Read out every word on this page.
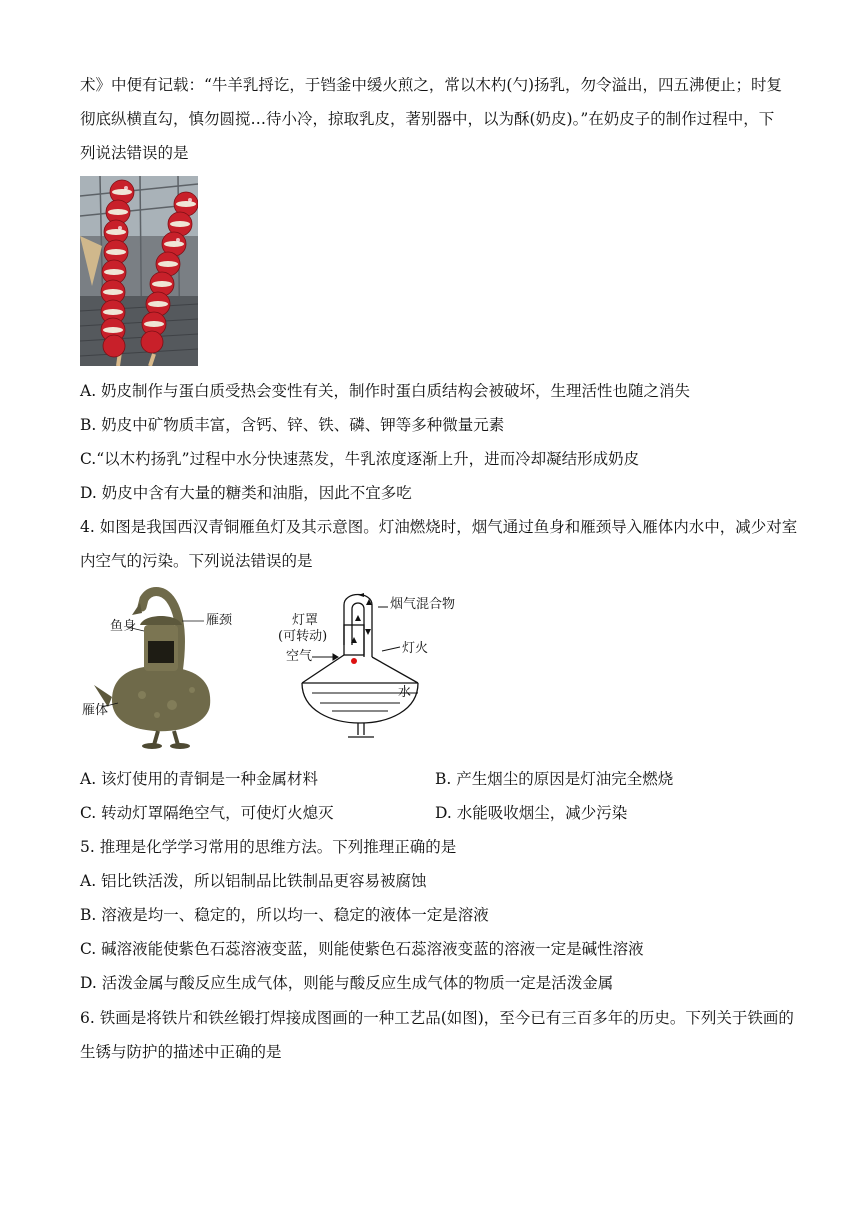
术》中便有记载：“牛羊乳捋讫，于铛釜中缓火煎之，常以木杓(勺)扬乳，勿令溢出，四五沸便止；时复
彻底纵横直勾，慎勿圆搅…待小冷，掠取乳皮，著别器中，以为酥(奶皮)。”在奶皮子的制作过程中，下
列说法错误的是
A. 奶皮制作与蛋白质受热会变性有关，制作时蛋白质结构会被破坏，生理活性也随之消失
B. 奶皮中矿物质丰富，含钙、锌、铁、磷、钾等多种微量元素
C.“以木杓扬乳”过程中水分快速蒸发，牛乳浓度逐渐上升，进而冷却凝结形成奶皮
D. 奶皮中含有大量的糖类和油脂，因此不宜多吃
4. 如图是我国西汉青铜雁鱼灯及其示意图。灯油燃烧时，烟气通过鱼身和雁颈导入雁体内水中，减少对室
内空气的污染。下列说法错误的是
鱼身	雁颈
雁体
烟气混合物
灯罩
(可转动)
空气
灯火
水
A. 该灯使用的青铜是一种金属材料	B. 产生烟尘的原因是灯油完全燃烧
C. 转动灯罩隔绝空气，可使灯火熄灭	D. 水能吸收烟尘，减少污染
5. 推理是化学学习常用的思维方法。下列推理正确的是
A. 铝比铁活泼，所以铝制品比铁制品更容易被腐蚀
B. 溶液是均一、稳定的，所以均一、稳定的液体一定是溶液
C. 碱溶液能使紫色石蕊溶液变蓝，则能使紫色石蕊溶液变蓝的溶液一定是碱性溶液
D. 活泼金属与酸反应生成气体，则能与酸反应生成气体的物质一定是活泼金属
6. 铁画是将铁片和铁丝锻打焊接成图画的一种工艺品(如图)，至今已有三百多年的历史。下列关于铁画的
生锈与防护的描述中正确的是
